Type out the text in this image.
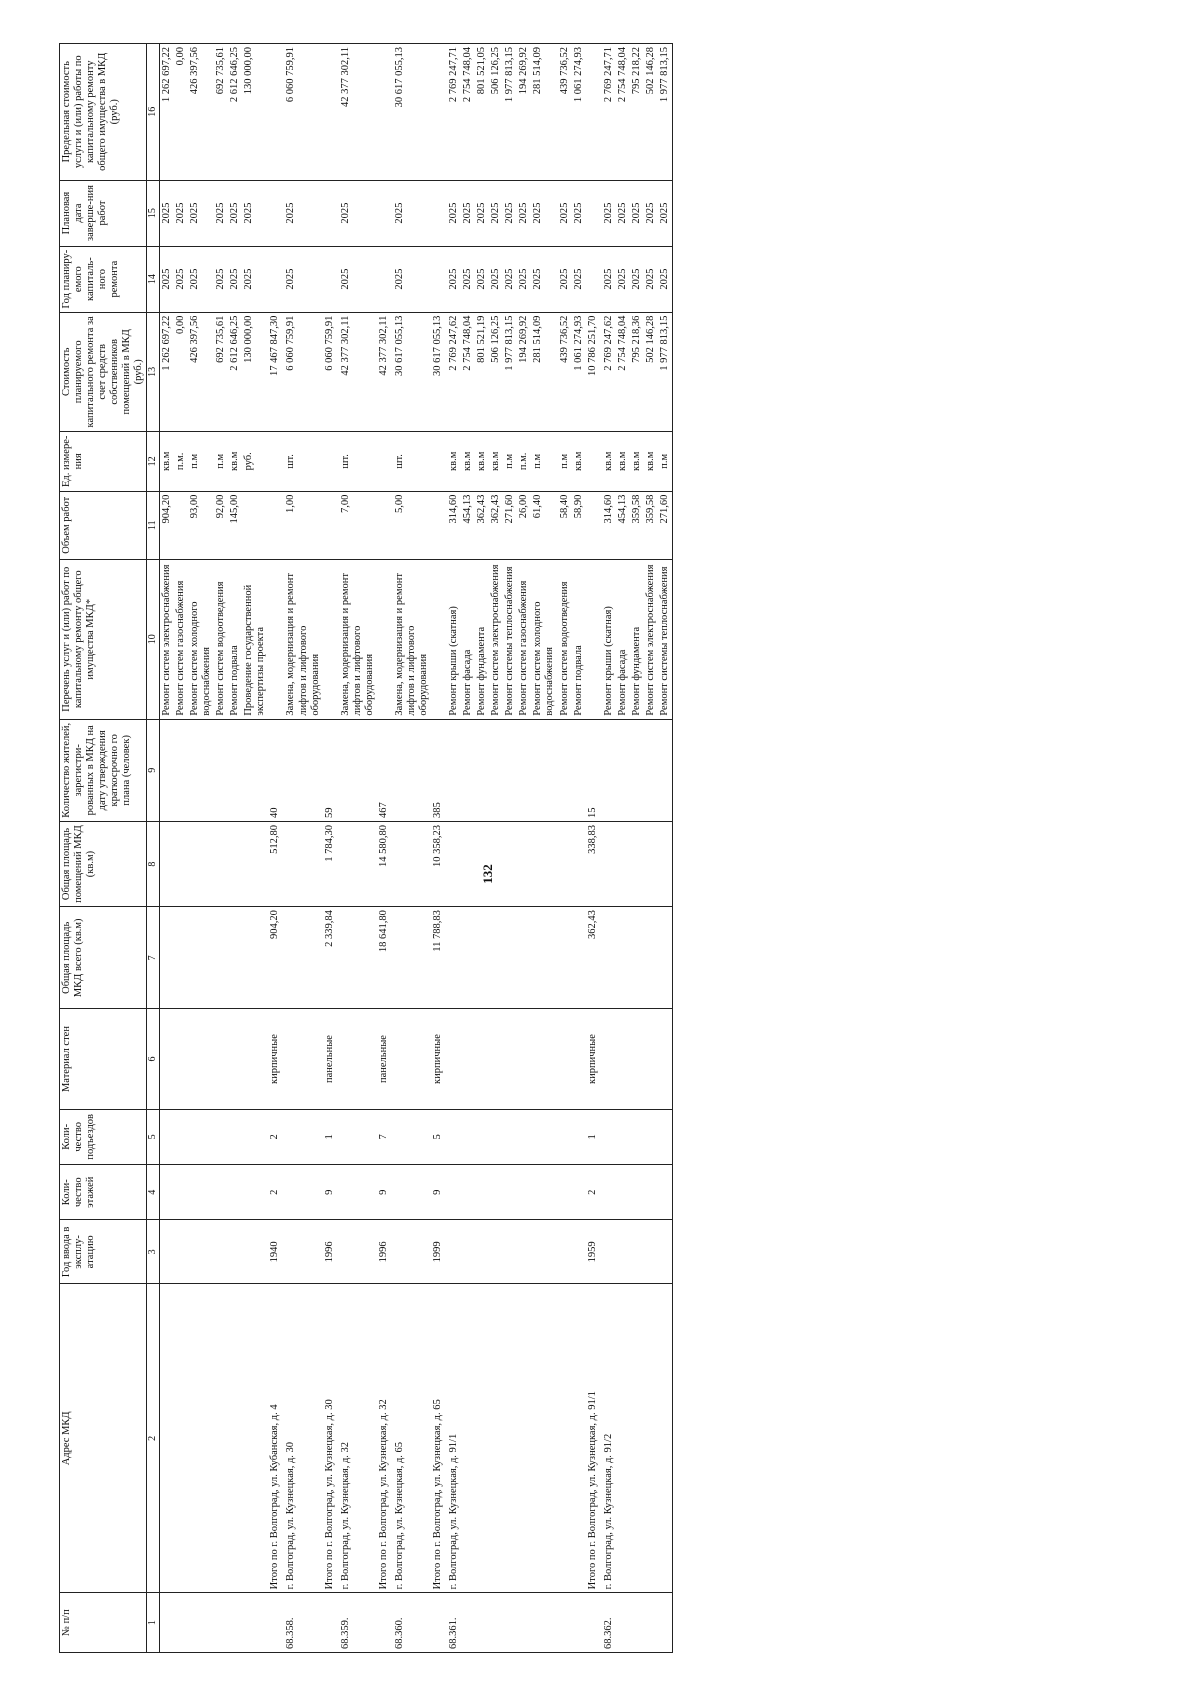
132
№ п/п	Адрес МКД	Год ввода в эксплу-атацию	Коли-чество этажей	Коли-чество подъездов	Материал стен	Общая площадь МКД всего (кв.м)	Общая площадь помещений МКД (кв.м)	Количество жителей, зарегистри-рованных в МКД на дату утверждения краткосрочно го плана (человек)	Перечень услуг и (или) работ по капитальному ремонту общего имущества МКД*	Объем работ	Ед. измере-ния	Стоимость планируемого капитального ремонта за счет средств собственников помещений в МКД (руб.)	Год планиру-емого капиталь-ного ремонта	Плановая дата заверше-ния работ	Предельная стоимость услуги и (или) работы по капитальному ремонту общего имущества в МКД (руб.)
1	2	3	4	5	6	7	8	9	10	11	12	13	14	15	16
									Ремонт систем электроснабжения	904,20	кв.м	1 262 697,22	2025	2025	1 262 697,22
									Ремонт систем газоснабжения		п.м.	0,00	2025	2025	0,00
									Ремонт систем холодного водоснабжения	93,00	п.м	426 397,56	2025	2025	426 397,56
									Ремонт систем водоотведения	92,00	п.м	692 735,61	2025	2025	692 735,61
									Ремонт подвала	145,00	кв.м	2 612 646,25	2025	2025	2 612 646,25
									Проведение государственной экспертизы проекта		руб.	130 000,00	2025	2025	130 000,00
	Итого по г. Волгоград, ул. Кубанская, д. 4	1940	2	2	кирпичные	904,20	512,80	40				17 467 847,30			
68.358.	г. Волгоград, ул. Кузнецкая, д. 30								Замена, модернизация и ремонт лифтов и лифтового оборудования	1,00	шт.	6 060 759,91	2025	2025	6 060 759,91
	Итого по г. Волгоград, ул. Кузнецкая, д. 30	1996	9	1	панельные	2 339,84	1 784,30	59				6 060 759,91			
68.359.	г. Волгоград, ул. Кузнецкая, д. 32								Замена, модернизация и ремонт лифтов и лифтового оборудования	7,00	шт.	42 377 302,11	2025	2025	42 377 302,11
	Итого по г. Волгоград, ул. Кузнецкая, д. 32	1996	9	7	панельные	18 641,80	14 580,80	467				42 377 302,11			
68.360.	г. Волгоград, ул. Кузнецкая, д. 65								Замена, модернизация и ремонт лифтов и лифтового оборудования	5,00	шт.	30 617 055,13	2025	2025	30 617 055,13
	Итого по г. Волгоград, ул. Кузнецкая, д. 65	1999	9	5	кирпичные	11 788,83	10 358,23	385				30 617 055,13			
68.361.	г. Волгоград, ул. Кузнецкая, д. 91/1								Ремонт крыши (скатная)	314,60	кв.м	2 769 247,62	2025	2025	2 769 247,71
									Ремонт фасада	454,13	кв.м	2 754 748,04	2025	2025	2 754 748,04
									Ремонт фундамента	362,43	кв.м	801 521,19	2025	2025	801 521,05
									Ремонт систем электроснабжения	362,43	кв.м	506 126,25	2025	2025	506 126,25
									Ремонт системы теплоснабжения	271,60	п.м	1 977 813,15	2025	2025	1 977 813,15
									Ремонт систем газоснабжения	26,00	п.м.	194 269,92	2025	2025	194 269,92
									Ремонт систем холодного водоснабжения	61,40	п.м	281 514,09	2025	2025	281 514,09
									Ремонт систем водоотведения	58,40	п.м	439 736,52	2025	2025	439 736,52
									Ремонт подвала	58,90	кв.м	1 061 274,93	2025	2025	1 061 274,93
	Итого по г. Волгоград, ул. Кузнецкая, д. 91/1	1959	2	1	кирпичные	362,43	338,83	15				10 786 251,70			
68.362.	г. Волгоград, ул. Кузнецкая, д. 91/2								Ремонт крыши (скатная)	314,60	кв.м	2 769 247,62	2025	2025	2 769 247,71
									Ремонт фасада	454,13	кв.м	2 754 748,04	2025	2025	2 754 748,04
									Ремонт фундамента	359,58	кв.м	795 218,36	2025	2025	795 218,22
									Ремонт систем электроснабжения	359,58	кв.м	502 146,28	2025	2025	502 146,28
									Ремонт системы теплоснабжения	271,60	п.м	1 977 813,15	2025	2025	1 977 813,15
